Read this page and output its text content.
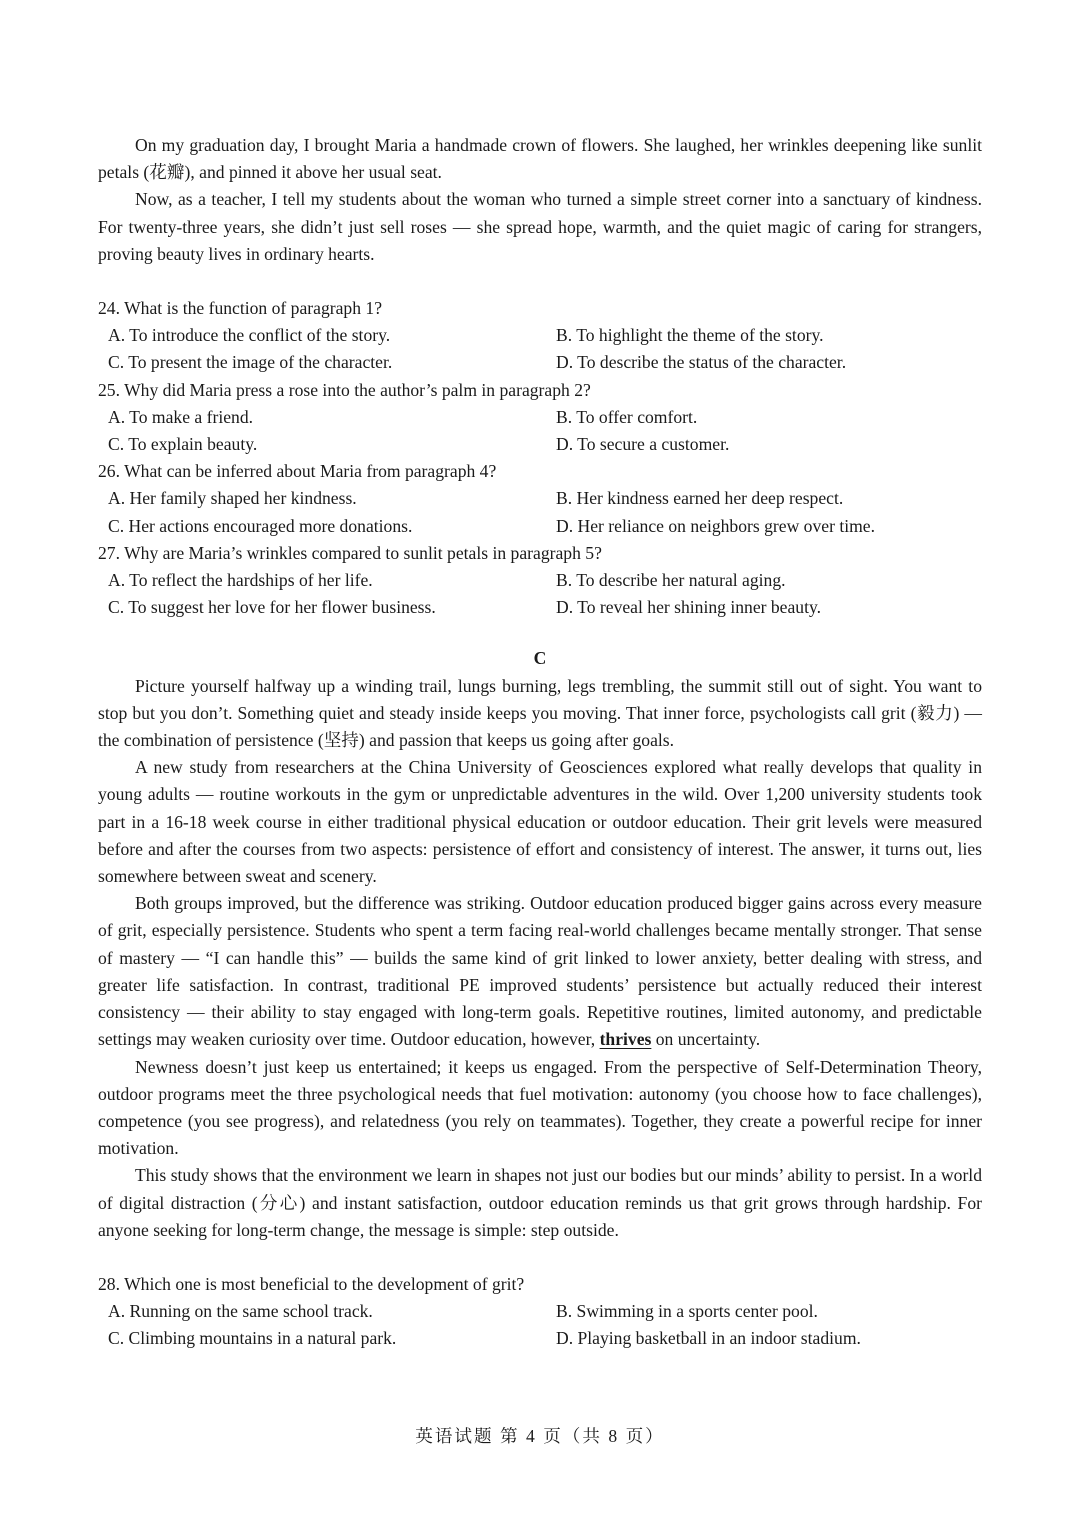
On my graduation day, I brought Maria a handmade crown of flowers. She laughed, her wrinkles deepening like sunlit petals (花瓣), and pinned it above her usual seat.

Now, as a teacher, I tell my students about the woman who turned a simple street corner into a sanctuary of kindness. For twenty-three years, she didn’t just sell roses — she spread hope, warmth, and the quiet magic of caring for strangers, proving beauty lives in ordinary hearts.

24. What is the function of paragraph 1?

A. To introduce the conflict of the story.	B. To highlight the theme of the story.
C. To present the image of the character.	D. To describe the status of the character.

25. Why did Maria press a rose into the author’s palm in paragraph 2?

A. To make a friend.	B. To offer comfort.
C. To explain beauty.	D. To secure a customer.

26. What can be inferred about Maria from paragraph 4?

A. Her family shaped her kindness.	B. Her kindness earned her deep respect.
C. Her actions encouraged more donations.	D. Her reliance on neighbors grew over time.

27. Why are Maria’s wrinkles compared to sunlit petals in paragraph 5?

A. To reflect the hardships of her life.	B. To describe her natural aging.
C. To suggest her love for her flower business.	D. To reveal her shining inner beauty.

C

Picture yourself halfway up a winding trail, lungs burning, legs trembling, the summit still out of sight. You want to stop but you don’t. Something quiet and steady inside keeps you moving. That inner force, psychologists call grit (毅力) — the combination of persistence (坚持) and passion that keeps us going after goals.

A new study from researchers at the China University of Geosciences explored what really develops that quality in young adults — routine workouts in the gym or unpredictable adventures in the wild. Over 1,200 university students took part in a 16-18 week course in either traditional physical education or outdoor education. Their grit levels were measured before and after the courses from two aspects: persistence of effort and consistency of interest. The answer, it turns out, lies somewhere between sweat and scenery.

Both groups improved, but the difference was striking. Outdoor education produced bigger gains across every measure of grit, especially persistence. Students who spent a term facing real-world challenges became mentally stronger. That sense of mastery — “I can handle this” — builds the same kind of grit linked to lower anxiety, better dealing with stress, and greater life satisfaction. In contrast, traditional PE improved students’ persistence but actually reduced their interest consistency — their ability to stay engaged with long-term goals. Repetitive routines, limited autonomy, and predictable settings may weaken curiosity over time. Outdoor education, however, thrives on uncertainty.

Newness doesn’t just keep us entertained; it keeps us engaged. From the perspective of Self-Determination Theory, outdoor programs meet the three psychological needs that fuel motivation: autonomy (you choose how to face challenges), competence (you see progress), and relatedness (you rely on teammates). Together, they create a powerful recipe for inner motivation.

This study shows that the environment we learn in shapes not just our bodies but our minds’ ability to persist. In a world of digital distraction (分心) and instant satisfaction, outdoor education reminds us that grit grows through hardship. For anyone seeking for long-term change, the message is simple: step outside.

28. Which one is most beneficial to the development of grit?

A. Running on the same school track.	B. Swimming in a sports center pool.
C. Climbing mountains in a natural park.	D. Playing basketball in an indoor stadium.
英语试题 第 4 页（共 8 页）
